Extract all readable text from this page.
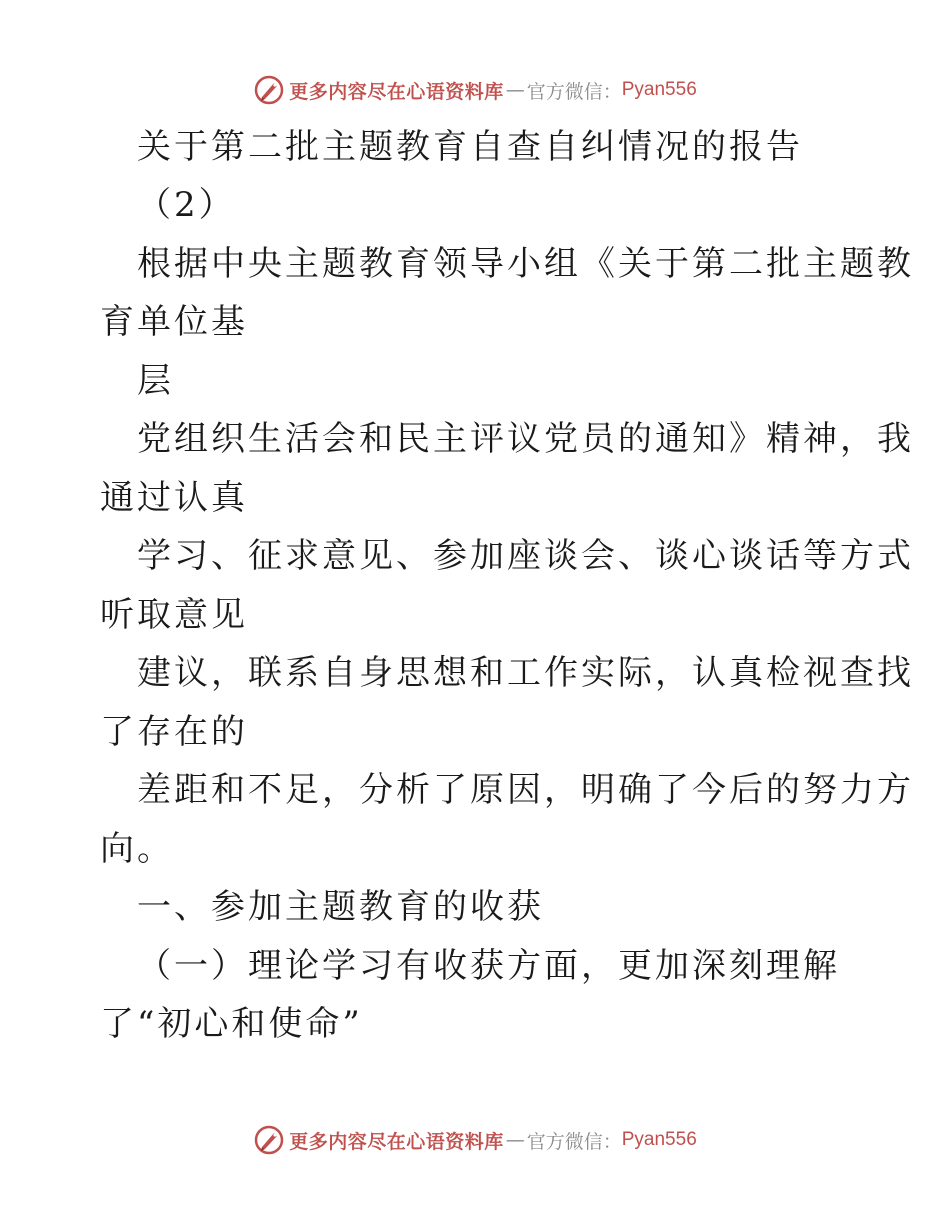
更多内容尽在心语资料库 — 官方微信： Pyan556
关于第二批主题教育自查自纠情况的报告
（2）
根据中央主题教育领导小组《关于第二批主题教
育单位基
层
党组织生活会和民主评议党员的通知》精神，我
通过认真
学习、征求意见、参加座谈会、谈心谈话等方式
听取意见
建议，联系自身思想和工作实际，认真检视查找
了存在的
差距和不足，分析了原因，明确了今后的努力方
向。
一、参加主题教育的收获
（一）理论学习有收获方面，更加深刻理解
了“初心和使命”
更多内容尽在心语资料库 — 官方微信： Pyan556
